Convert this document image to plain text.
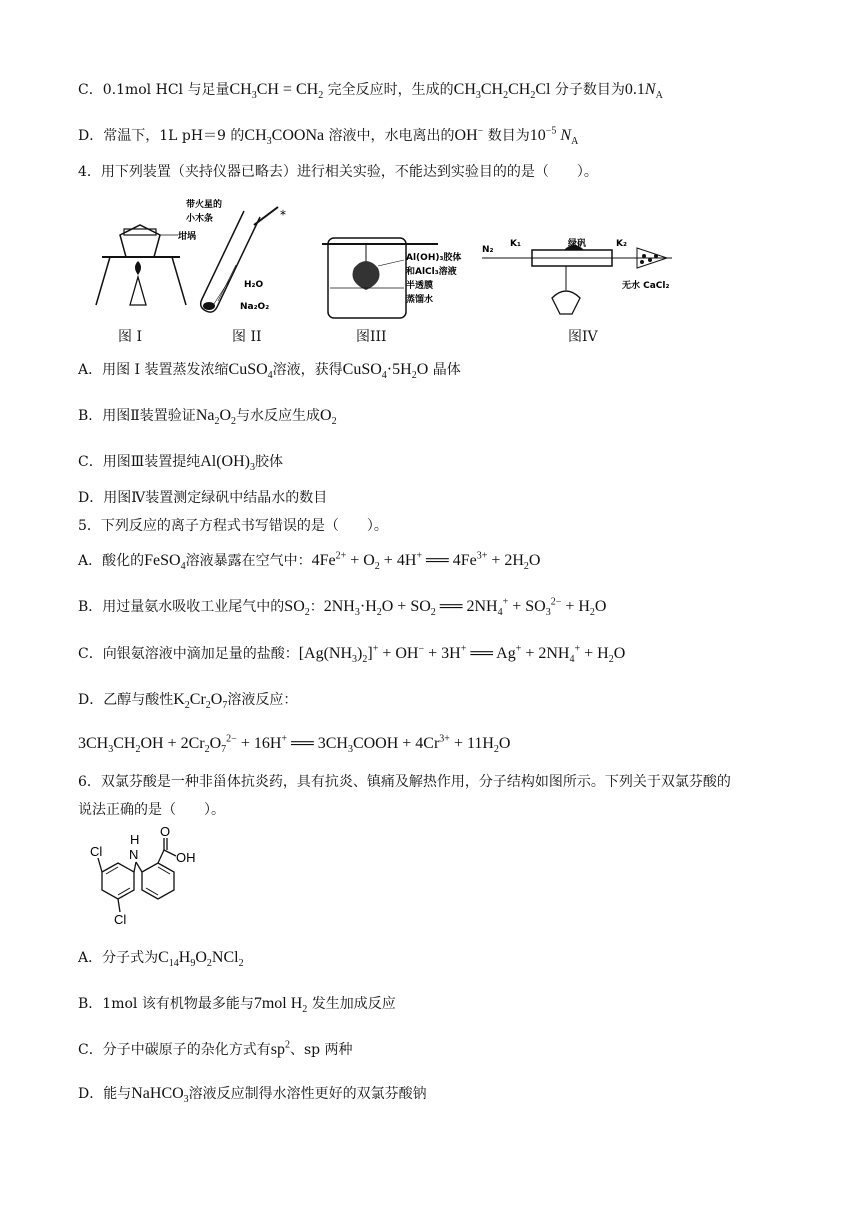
C．0.1mol HCl 与足量$CH_3CH = CH_2$ 完全反应时，生成的$CH_3CH_2CH_2Cl$ 分子数目为$0.1N_A$
D．常温下，1L pH＝9 的$CH_3COONa$ 溶液中，水电离出的OH− 数目为$10^{-5}$ $N_A$
4．用下列装置（夹持仪器已略去）进行相关实验，不能达到实验目的的是（　　）。
坩埚
⁎
带火星的
小木条
H₂O
Na₂O₂
Al(OH)₃胶体
和AlCl₃溶液
半透膜
蒸馏水
N₂
K₁	绿矾	K₂
无水 CaCl₂
图 I	图 II	图III	图IV
A．用图 I 装置蒸发浓缩CuSO$_4$溶液，获得$CuSO_4\cdot 5H_2O$ 晶体
B．用图Ⅱ装置验证$Na_2O_2$与水反应生成$O_2$
C．用图Ⅲ装置提纯$Al(OH)_3$胶体
D．用图Ⅳ装置测定绿矾中结晶水的数目
5．下列反应的离子方程式书写错误的是（　　）。
A．酸化的FeSO$_4$溶液暴露在空气中：$4Fe^{2+} + O_2 + 4H^+$ ══ $4Fe^{3+} + 2H_2O$
B．用过量氨水吸收工业尾气中的$SO_2$：$2NH_3\cdot H_2O + SO_2$ ══ $2NH_4^+ + SO_3^{2-} + H_2O$
C．向银氨溶液中滴加足量的盐酸：$[Ag(NH_3)_2]^+ + OH^- + 3H^+$ ══ $Ag^+ + 2NH_4^+ + H_2O$
D．乙醇与酸性$K_2Cr_2O_7$溶液反应：
$3CH_3CH_2OH + 2Cr_2O_7^{2-} + 16H^+$ ══ $3CH_3COOH + 4Cr^{3+} + 11H_2O$
6．双氯芬酸是一种非甾体抗炎药，具有抗炎、镇痛及解热作用，分子结构如图所示。下列关于双氯芬酸的
说法正确的是（　　）。
Cl
H
N
O
OH
Cl
A．分子式为$C_{14}H_9O_2NCl_2$
B．1mol 该有机物最多能与7mol $H_2$ 发生加成反应
C．分子中碳原子的杂化方式有$sp^2$、sp 两种
D．能与NaHCO$_3$溶液反应制得水溶性更好的双氯芬酸钠
